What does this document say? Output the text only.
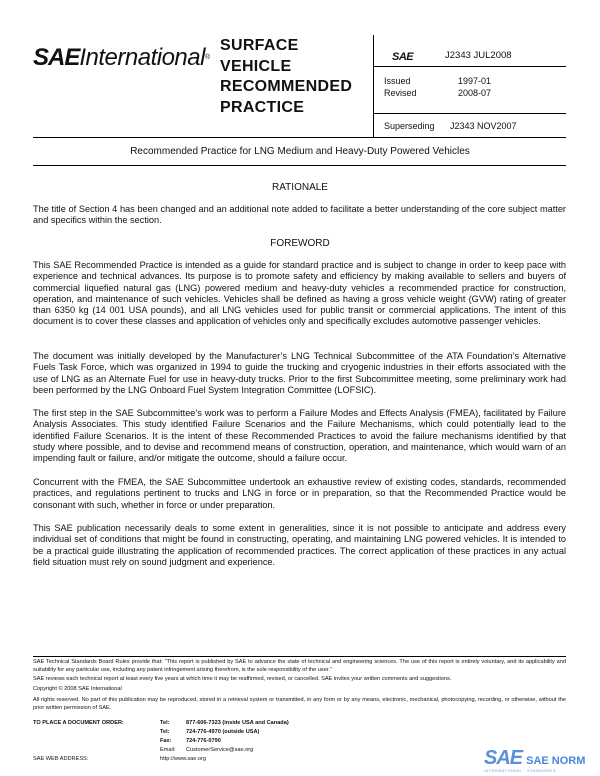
SAEInternational®
SURFACE
VEHICLE
RECOMMENDED
PRACTICE
SAE	J2343 JUL2008
Issued	1997-01
Revised	2008-07
Superseding J2343 NOV2007
Recommended Practice for LNG Medium and Heavy-Duty Powered Vehicles
RATIONALE
The title of Section 4 has been changed and an additional note added to facilitate a better understanding of the core subject matter and specifics within the section.
FOREWORD
This SAE Recommended Practice is intended as a guide for standard practice and is subject to change in order to keep pace with experience and technical advances. Its purpose is to promote safety and efficiency by making available to sellers and buyers of commercial liquefied natural gas (LNG) powered medium and heavy-duty vehicles a recommended practice for construction, operation, and maintenance of such vehicles. Vehicles shall be defined as having a gross vehicle weight (GVW) rating of greater than 6350 kg (14 001 USA pounds), and all LNG vehicles used for public transit or commercial applications. The intent of this document is to cover these classes and application of vehicles only and specifically excludes automotive passenger vehicles.
The document was initially developed by the Manufacturer’s LNG Technical Subcommittee of the ATA Foundation’s Alternative Fuels Task Force, which was organized in 1994 to guide the trucking and cryogenic industries in their efforts associated with the use of LNG as an Alternate Fuel for use in heavy-duty trucks. Prior to the first Subcommittee meeting, some preliminary work had been performed by the LNG Onboard Fuel System Integration Committee (LOFSIC).
The first step in the SAE Subcommittee’s work was to perform a Failure Modes and Effects Analysis (FMEA), facilitated by Failure Analysis Associates. This study identified Failure Scenarios and the Failure Mechanisms, which could potentially lead to the identified Failure Scenarios. It is the intent of these Recommended Practices to avoid the failure mechanisms identified by that study where possible, and to devise and recommend means of construction, operation, and maintenance, which would warn of an impending fault or failure, and/or mitigate the outcome, should a failure occur.
Concurrent with the FMEA, the SAE Subcommittee undertook an exhaustive review of existing codes, standards, recommended practices, and regulations pertinent to trucks and LNG in force or in preparation, so that the Recommended Practice would be consonant with such, whether in force or under preparation.
This SAE publication necessarily deals to some extent in generalities, since it is not possible to anticipate and address every individual set of conditions that might be found in constructing, operating, and maintaining LNG powered vehicles. It is intended to be a practical guide illustrating the application of recommended practices. The correct application of these practices in any actual field situation must rely on sound judgment and experience.
SAE Technical Standards Board Rules provide that: “This report is published by SAE to advance the state of technical and engineering sciences. The use of this report is entirely voluntary, and its applicability and suitability for any particular use, including any patent infringement arising therefrom, is the sole responsibility of the user.”
SAE reviews each technical report at least every five years at which time it may be reaffirmed, revised, or cancelled. SAE invites your written comments and suggestions.
Copyright © 2008 SAE International
All rights reserved. No part of this publication may be reproduced, stored in a retrieval system or transmitted, in any form or by any means, electronic, mechanical, photocopying, recording, or otherwise, without the prior written permission of SAE.
TO PLACE A DOCUMENT ORDER:	Tel:	877-606-7323 (inside USA and Canada)
Tel:	724-776-4970 (outside USA)
Fax:	724-776-0790
Email: CustomerService@sae.org
SAE WEB ADDRESS:	http://www.sae.org	SAE SAE NORM
INTERNATIONAL · STANDARDS
